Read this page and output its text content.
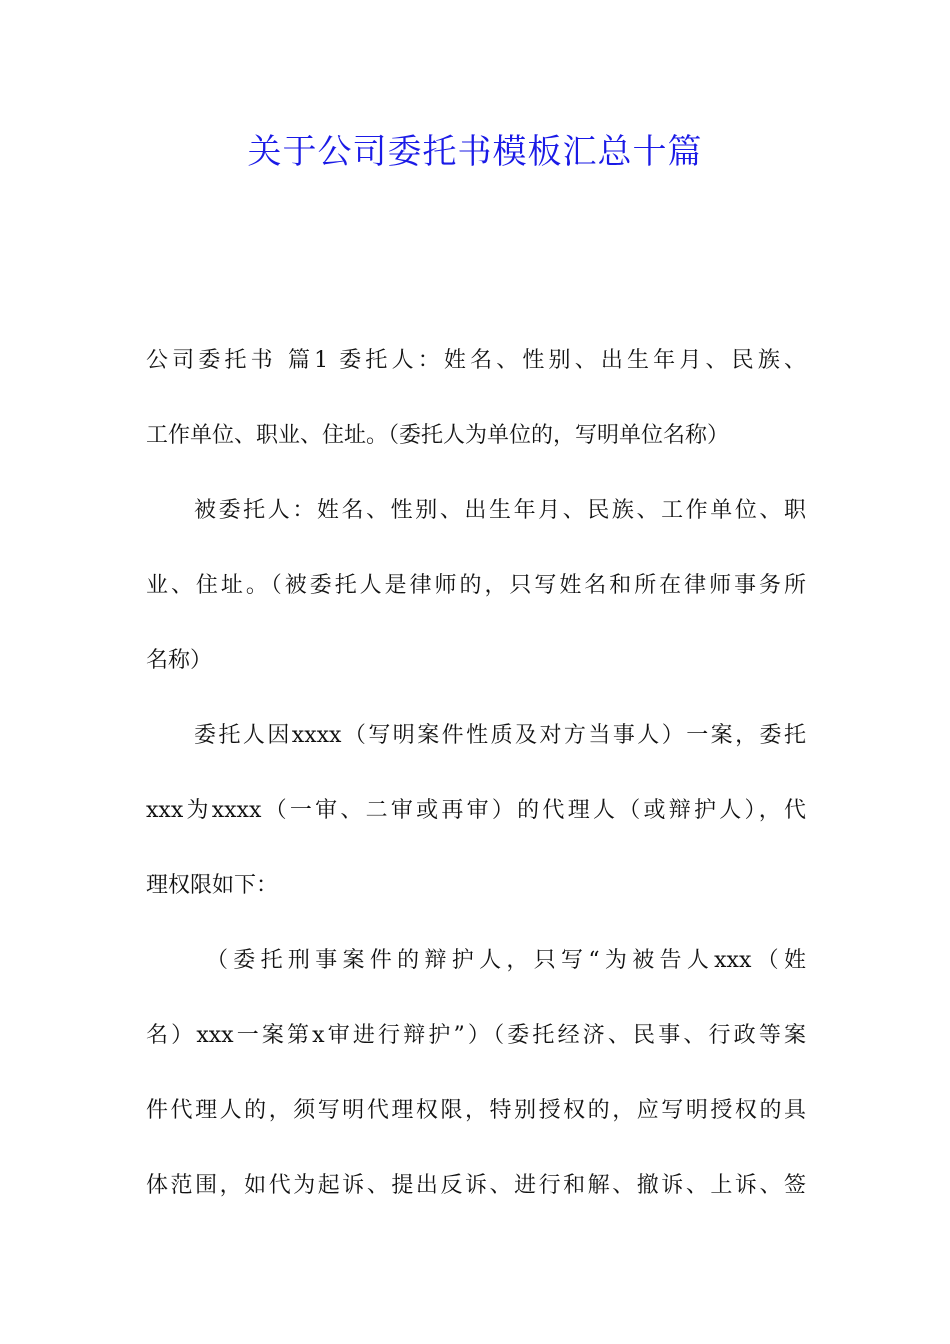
关于公司委托书模板汇总十篇
公司委托书 篇1 委托人：姓名、性别、出生年月、民族、
工作单位、职业、住址。（委托人为单位的，写明单位名称）
被委托人：姓名、性别、出生年月、民族、工作单位、职
业、住址。（被委托人是律师的，只写姓名和所在律师事务所
名称）
委托人因xxxx（写明案件性质及对方当事人）一案，委托
xxx为xxxx（一审、二审或再审）的代理人（或辩护人），代
理权限如下：
（委托刑事案件的辩护人，只写“为被告人xxx（姓
名）xxx一案第x审进行辩护”）（委托经济、民事、行政等案
件代理人的，须写明代理权限，特别授权的，应写明授权的具
体范围，如代为起诉、提出反诉、进行和解、撤诉、上诉、签
